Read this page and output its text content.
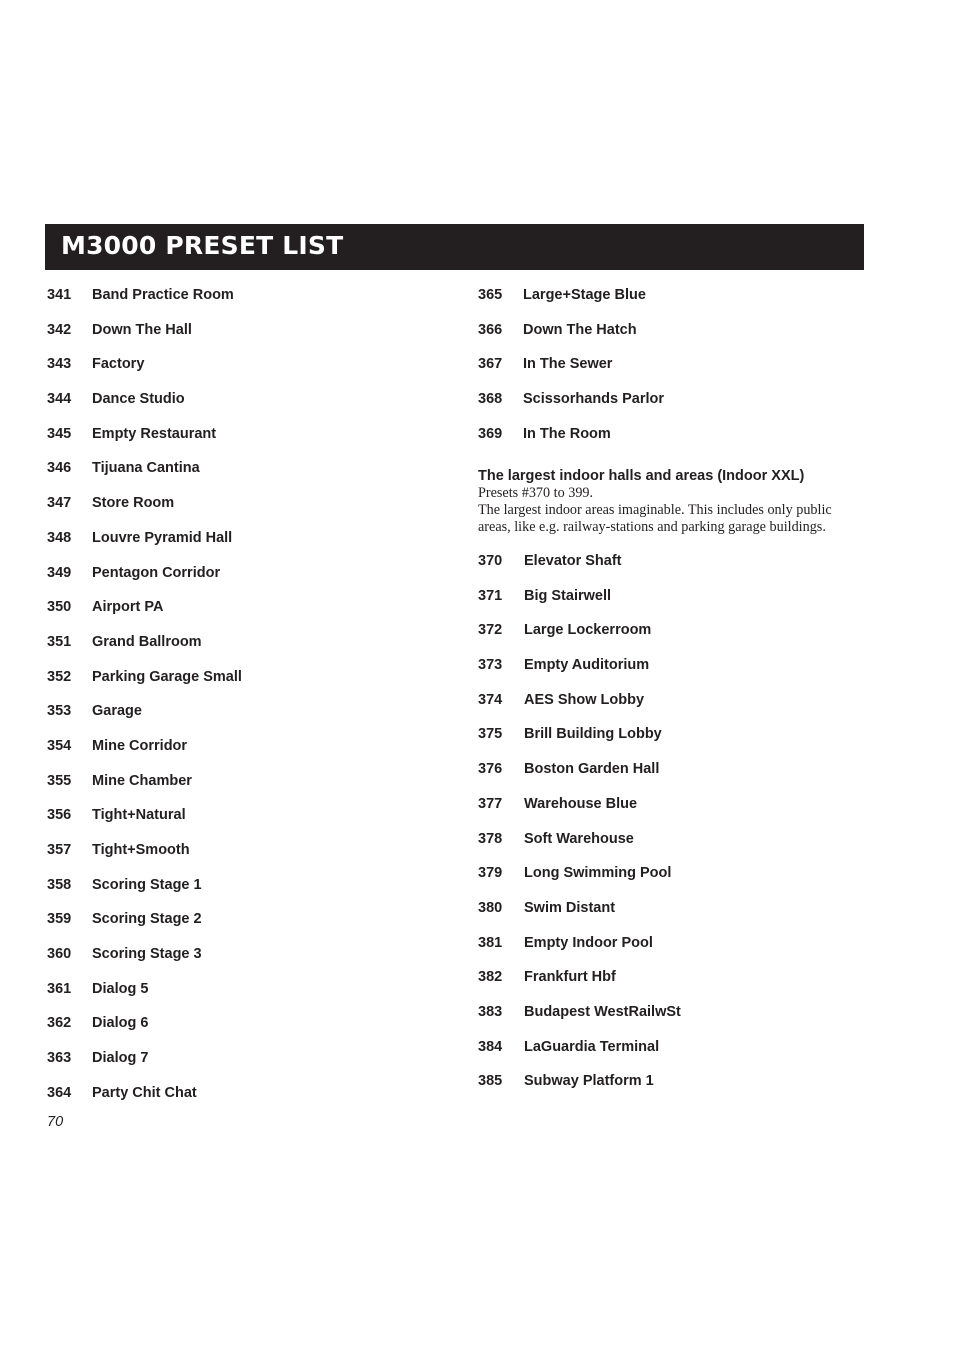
M3000 PRESET LIST
341	Band Practice Room
342	Down The Hall
343	Factory
344	Dance Studio
345	Empty Restaurant
346	Tijuana Cantina
347	Store Room
348	Louvre Pyramid Hall
349	Pentagon Corridor
350	Airport PA
351	Grand Ballroom
352	Parking Garage Small
353	Garage
354	Mine Corridor
355	Mine Chamber
356	Tight+Natural
357	Tight+Smooth
358	Scoring Stage 1
359	Scoring Stage 2
360	Scoring Stage 3
361	Dialog 5
362	Dialog 6
363	Dialog 7
364	Party Chit Chat
365	Large+Stage Blue
366	Down The Hatch
367	In The Sewer
368	Scissorhands Parlor
369	In The Room
The largest indoor halls and areas (Indoor XXL)

Presets #370 to 399.

The largest indoor areas imaginable. This includes only public

areas, like e.g. railway-stations and parking garage buildings.

370	Elevator Shaft
371	Big Stairwell
372	Large Lockerroom
373	Empty Auditorium
374	AES Show Lobby
375	Brill Building Lobby
376	Boston Garden Hall
377	Warehouse Blue
378	Soft Warehouse
379	Long Swimming Pool
380	Swim Distant
381	Empty Indoor Pool
382	Frankfurt Hbf
383	Budapest WestRailwSt
384	LaGuardia Terminal
385	Subway Platform 1
70
